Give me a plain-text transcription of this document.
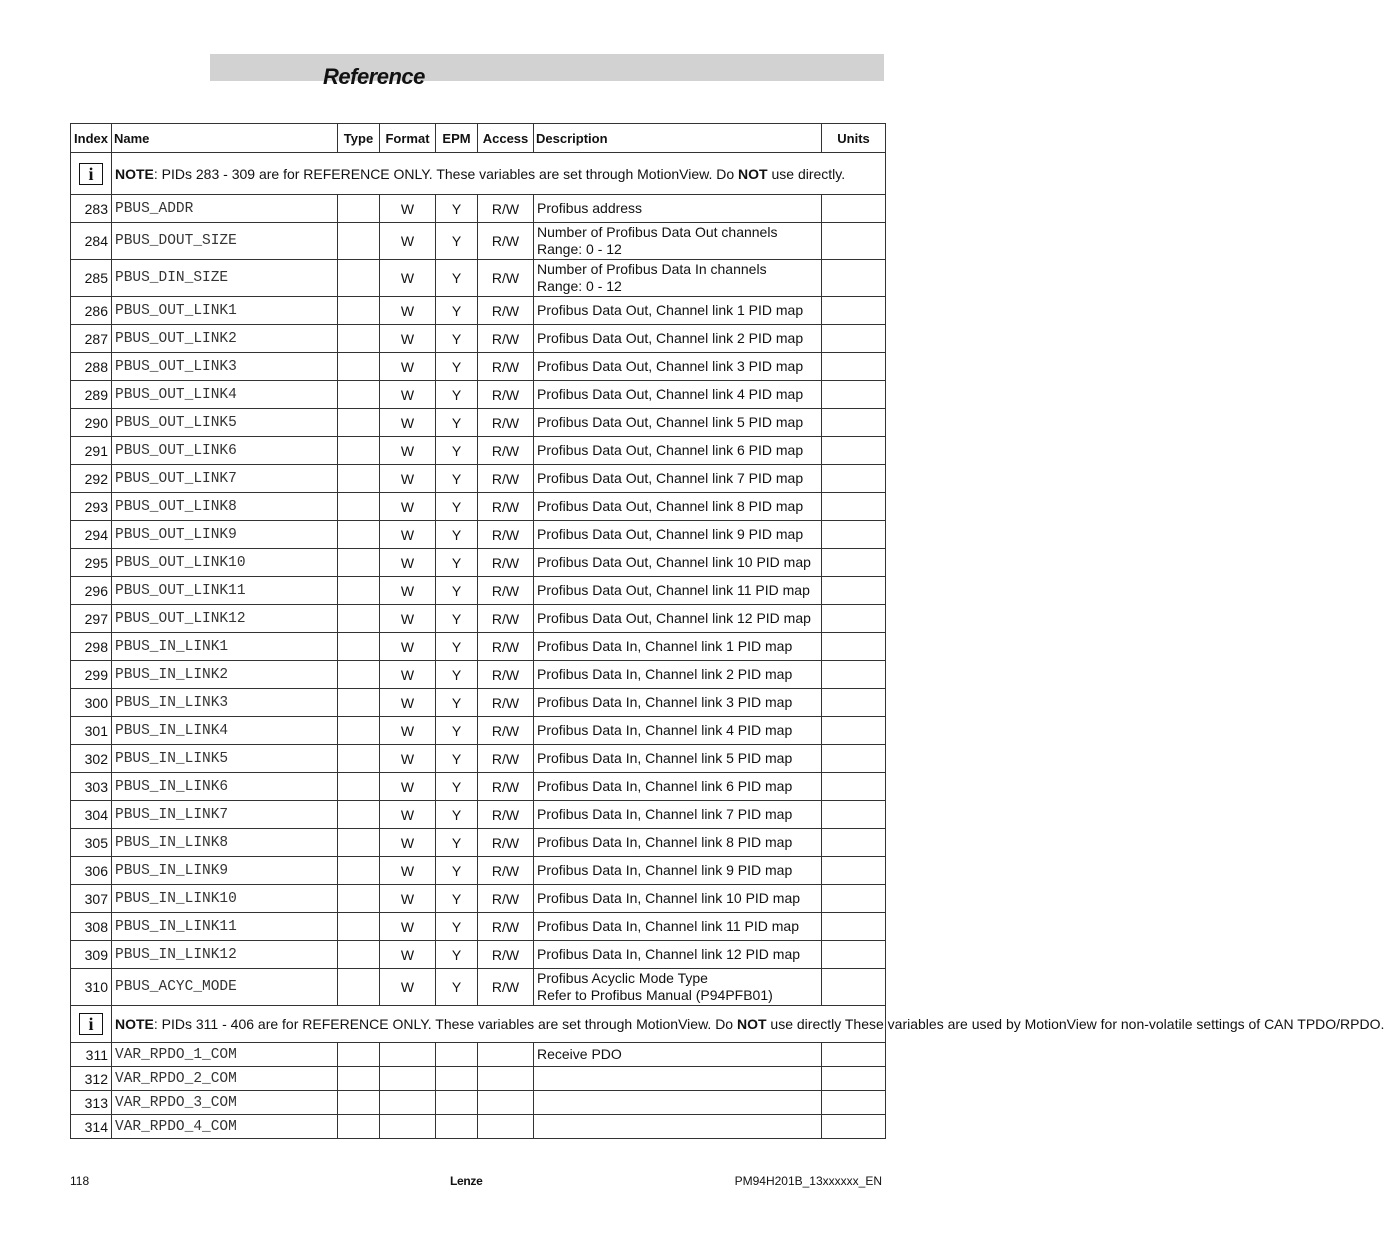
Reference
Index	Name	Type	Format	EPM	Access	Description	Units
i	NOTE: PIDs 283 - 309 are for REFERENCE ONLY. These variables are set through MotionView. Do NOT use directly.						
283	PBUS_ADDR		W	Y	R/W	Profibus address	

284	PBUS_DOUT_SIZE		W	Y	R/W	Number of Profibus Data Out channels
Range: 0 - 12	

285	PBUS_DIN_SIZE		W	Y	R/W	Number of Profibus Data In channels
Range: 0 - 12	

286	PBUS_OUT_LINK1		W	Y	R/W	Profibus Data Out, Channel link 1 PID map	

287	PBUS_OUT_LINK2		W	Y	R/W	Profibus Data Out, Channel link 2 PID map	

288	PBUS_OUT_LINK3		W	Y	R/W	Profibus Data Out, Channel link 3 PID map	

289	PBUS_OUT_LINK4		W	Y	R/W	Profibus Data Out, Channel link 4 PID map	

290	PBUS_OUT_LINK5		W	Y	R/W	Profibus Data Out, Channel link 5 PID map	

291	PBUS_OUT_LINK6		W	Y	R/W	Profibus Data Out, Channel link 6 PID map	

292	PBUS_OUT_LINK7		W	Y	R/W	Profibus Data Out, Channel link 7 PID map	

293	PBUS_OUT_LINK8		W	Y	R/W	Profibus Data Out, Channel link 8 PID map	

294	PBUS_OUT_LINK9		W	Y	R/W	Profibus Data Out, Channel link 9 PID map	

295	PBUS_OUT_LINK10		W	Y	R/W	Profibus Data Out, Channel link 10 PID map	

296	PBUS_OUT_LINK11		W	Y	R/W	Profibus Data Out, Channel link 11 PID map	

297	PBUS_OUT_LINK12		W	Y	R/W	Profibus Data Out, Channel link 12 PID map	

298	PBUS_IN_LINK1		W	Y	R/W	Profibus Data In, Channel link 1 PID map	

299	PBUS_IN_LINK2		W	Y	R/W	Profibus Data In, Channel link 2 PID map	

300	PBUS_IN_LINK3		W	Y	R/W	Profibus Data In, Channel link 3 PID map	

301	PBUS_IN_LINK4		W	Y	R/W	Profibus Data In, Channel link 4 PID map	

302	PBUS_IN_LINK5		W	Y	R/W	Profibus Data In, Channel link 5 PID map	

303	PBUS_IN_LINK6		W	Y	R/W	Profibus Data In, Channel link 6 PID map	

304	PBUS_IN_LINK7		W	Y	R/W	Profibus Data In, Channel link 7 PID map	

305	PBUS_IN_LINK8		W	Y	R/W	Profibus Data In, Channel link 8 PID map	

306	PBUS_IN_LINK9		W	Y	R/W	Profibus Data In, Channel link 9 PID map	

307	PBUS_IN_LINK10		W	Y	R/W	Profibus Data In, Channel link 10 PID map	

308	PBUS_IN_LINK11		W	Y	R/W	Profibus Data In, Channel link 11 PID map	

309	PBUS_IN_LINK12		W	Y	R/W	Profibus Data In, Channel link 12 PID map	

310	PBUS_ACYC_MODE		W	Y	R/W	Profibus Acyclic Mode Type
Refer to Profibus Manual (P94PFB01)	

i	NOTE: PIDs 311 - 406 are for REFERENCE ONLY. These variables are set through MotionView. Do NOT use directly These variables are used by MotionView for non-volatile settings of CAN TPDO/RPDO.						
311	VAR_RPDO_1_COM					Receive PDO	

312	VAR_RPDO_2_COM					

313	VAR_RPDO_3_COM					

314	VAR_RPDO_4_COM					

118	Lenze	PM94H201B_13xxxxxx_EN
